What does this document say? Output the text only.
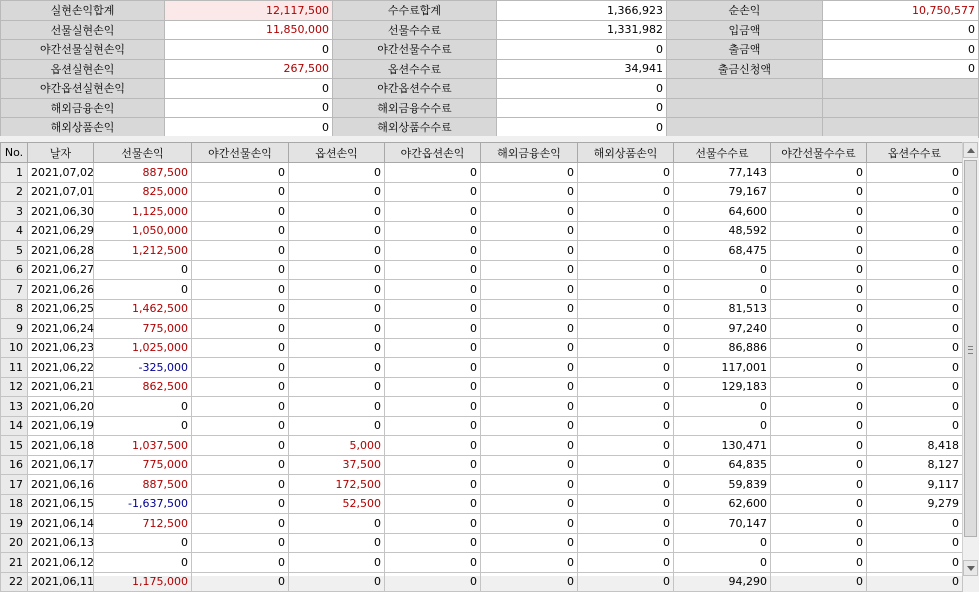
실현손익합계	12,117,500	수수료합계	1,366,923	순손익	10,750,577
선물실현손익	11,850,000	선물수수료	1,331,982	입금액	0
야간선물실현손익	0	야간선물수수료	0	출금액	0
옵션실현손익	267,500	옵션수수료	34,941	출금신청액	0
야간옵션실현손익	0	야간옵션수수료	0		
해외금융손익	0	해외금융수수료	0		
해외상품손익	0	해외상품수수료	0		
No.	날자	선물손익	야간선물손익	옵션손익	야간옵션손익	해외금융손익	해외상품손익	선물수수료	야간선물수수료	옵션수수료
1	2021,07,02	887,500	0	0	0	0	0	77,143	0	0
2	2021,07,01	825,000	0	0	0	0	0	79,167	0	0
3	2021,06,30	1,125,000	0	0	0	0	0	64,600	0	0
4	2021,06,29	1,050,000	0	0	0	0	0	48,592	0	0
5	2021,06,28	1,212,500	0	0	0	0	0	68,475	0	0
6	2021,06,27	0	0	0	0	0	0	0	0	0
7	2021,06,26	0	0	0	0	0	0	0	0	0
8	2021,06,25	1,462,500	0	0	0	0	0	81,513	0	0
9	2021,06,24	775,000	0	0	0	0	0	97,240	0	0
10	2021,06,23	1,025,000	0	0	0	0	0	86,886	0	0
11	2021,06,22	-325,000	0	0	0	0	0	117,001	0	0
12	2021,06,21	862,500	0	0	0	0	0	129,183	0	0
13	2021,06,20	0	0	0	0	0	0	0	0	0
14	2021,06,19	0	0	0	0	0	0	0	0	0
15	2021,06,18	1,037,500	0	5,000	0	0	0	130,471	0	8,418
16	2021,06,17	775,000	0	37,500	0	0	0	64,835	0	8,127
17	2021,06,16	887,500	0	172,500	0	0	0	59,839	0	9,117
18	2021,06,15	-1,637,500	0	52,500	0	0	0	62,600	0	9,279
19	2021,06,14	712,500	0	0	0	0	0	70,147	0	0
20	2021,06,13	0	0	0	0	0	0	0	0	0
21	2021,06,12	0	0	0	0	0	0	0	0	0
22	2021,06,11	1,175,000	0	0	0	0	0	94,290	0	0
